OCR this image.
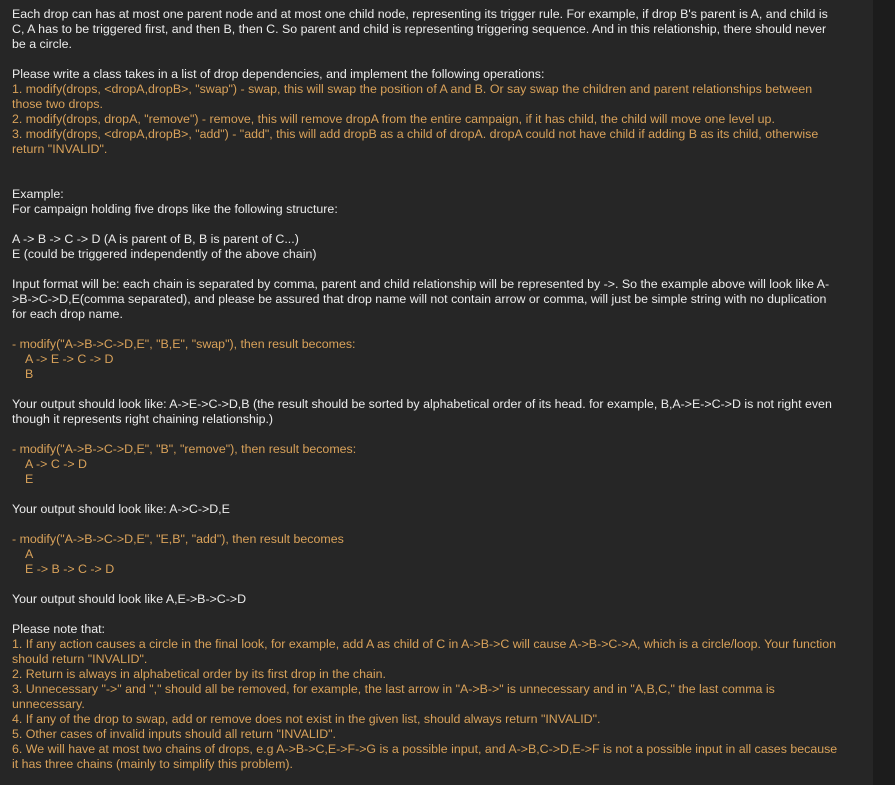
Each drop can has at most one parent node and at most one child node, representing its trigger rule. For example, if drop B's parent is A, and child is C, A has to be triggered first, and then B, then C. So parent and child is representing triggering sequence. And in this relationship, there should never be a circle.

Please write a class takes in a list of drop dependencies, and implement the following operations:

1. modify(drops, <dropA,dropB>, "swap") - swap, this will swap the position of A and B. Or say swap the children and parent relationships between those two drops.

2. modify(drops, dropA, "remove") - remove, this will remove dropA from the entire campaign, if it has child, the child will move one level up.

3. modify(drops, <dropA,dropB>, "add") - "add", this will add dropB as a child of dropA. dropA could not have child if adding B as its child, otherwise return "INVALID".

Example:

For campaign holding five drops like the following structure:

A -> B -> C -> D (A is parent of B, B is parent of C...)

E (could be triggered independently of the above chain)

Input format will be: each chain is separated by comma, parent and child relationship will be represented by ->. So the example above will look like A->B->C->D,E(comma separated), and please be assured that drop name will not contain arrow or comma, will just be simple string with no duplication for each drop name.

- modify("A->B->C->D,E", "B,E", "swap"), then result becomes:

A -> E -> C -> D

B

Your output should look like: A->E->C->D,B (the result should be sorted by alphabetical order of its head. for example, B,A->E->C->D is not right even though it represents right chaining relationship.)

- modify("A->B->C->D,E", "B", "remove"), then result becomes:

A -> C -> D

E

Your output should look like: A->C->D,E

- modify("A->B->C->D,E", "E,B", "add"), then result becomes

A

E -> B -> C -> D

Your output should look like A,E->B->C->D

Please note that:

1. If any action causes a circle in the final look, for example, add A as child of C in A->B->C will cause A->B->C->A, which is a circle/loop. Your function should return "INVALID".

2. Return is always in alphabetical order by its first drop in the chain.

3. Unnecessary "->" and "," should all be removed, for example, the last arrow in "A->B->" is unnecessary and in "A,B,C," the last comma is unnecessary.

4. If any of the drop to swap, add or remove does not exist in the given list, should always return "INVALID".

5. Other cases of invalid inputs should all return "INVALID".

6. We will have at most two chains of drops, e.g A->B->C,E->F->G is a possible input, and A->B,C->D,E->F is not a possible input in all cases because it has three chains (mainly to simplify this problem).
